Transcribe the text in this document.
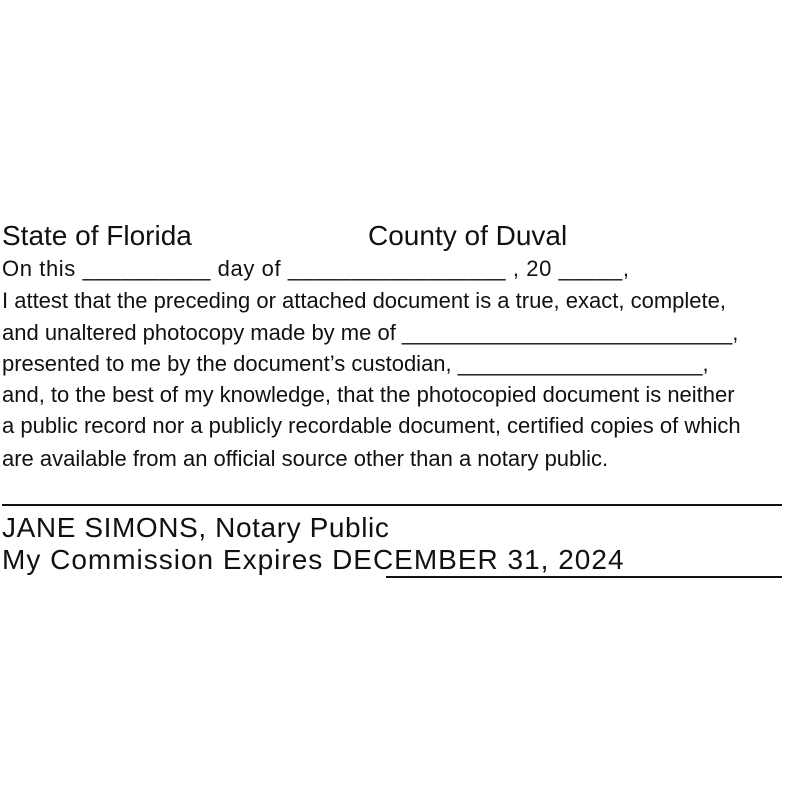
State of Florida	County of Duval
On this __________ day of _________________ , 20 _____,
I attest that the preceding or attached document is a true, exact, complete,
and unaltered photocopy made by me of ___________________________,
presented to me by the document’s custodian, ____________________,
and, to the best of my knowledge, that the photocopied document is neither
a public record nor a publicly recordable document, certified copies of which
are available from an official source other than a notary public.
JANE SIMONS, Notary Public
My Commission Expires DECEMBER 31, 2024
